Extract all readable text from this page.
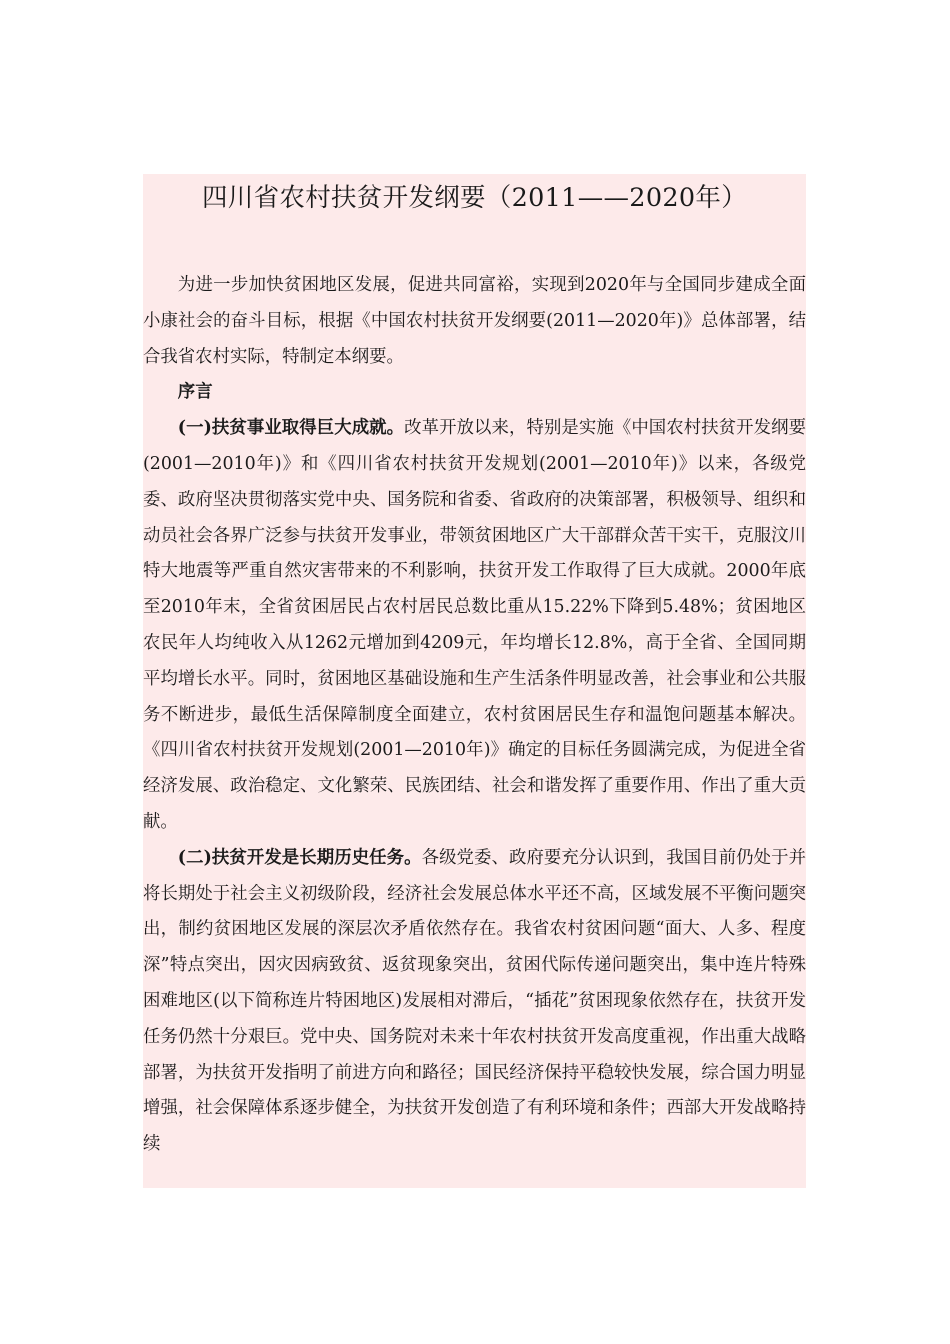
四川省农村扶贫开发纲要（2011——2020年）

为进一步加快贫困地区发展，促进共同富裕，实现到2020年与全国同步建成全面小康社会的奋斗目标，根据《中国农村扶贫开发纲要(2011—2020年)》总体部署，结合我省农村实际，特制定本纲要。

序言

(一)扶贫事业取得巨大成就。改革开放以来，特别是实施《中国农村扶贫开发纲要(2001—2010年)》和《四川省农村扶贫开发规划(2001—2010年)》以来，各级党委、政府坚决贯彻落实党中央、国务院和省委、省政府的决策部署，积极领导、组织和动员社会各界广泛参与扶贫开发事业，带领贫困地区广大干部群众苦干实干，克服汶川特大地震等严重自然灾害带来的不利影响，扶贫开发工作取得了巨大成就。2000年底至2010年末，全省贫困居民占农村居民总数比重从15.22%下降到5.48%；贫困地区农民年人均纯收入从1262元增加到4209元，年均增长12.8%，高于全省、全国同期平均增长水平。同时，贫困地区基础设施和生产生活条件明显改善，社会事业和公共服务不断进步，最低生活保障制度全面建立，农村贫困居民生存和温饱问题基本解决。《四川省农村扶贫开发规划(2001—2010年)》确定的目标任务圆满完成，为促进全省经济发展、政治稳定、文化繁荣、民族团结、社会和谐发挥了重要作用、作出了重大贡献。

(二)扶贫开发是长期历史任务。各级党委、政府要充分认识到，我国目前仍处于并将长期处于社会主义初级阶段，经济社会发展总体水平还不高，区域发展不平衡问题突出，制约贫困地区发展的深层次矛盾依然存在。我省农村贫困问题“面大、人多、程度深”特点突出，因灾因病致贫、返贫现象突出，贫困代际传递问题突出，集中连片特殊困难地区(以下简称连片特困地区)发展相对滞后，“插花”贫困现象依然存在，扶贫开发任务仍然十分艰巨。党中央、国务院对未来十年农村扶贫开发高度重视，作出重大战略部署，为扶贫开发指明了前进方向和路径；国民经济保持平稳较快发展，综合国力明显增强，社会保障体系逐步健全，为扶贫开发创造了有利环境和条件；西部大开发战略持续
